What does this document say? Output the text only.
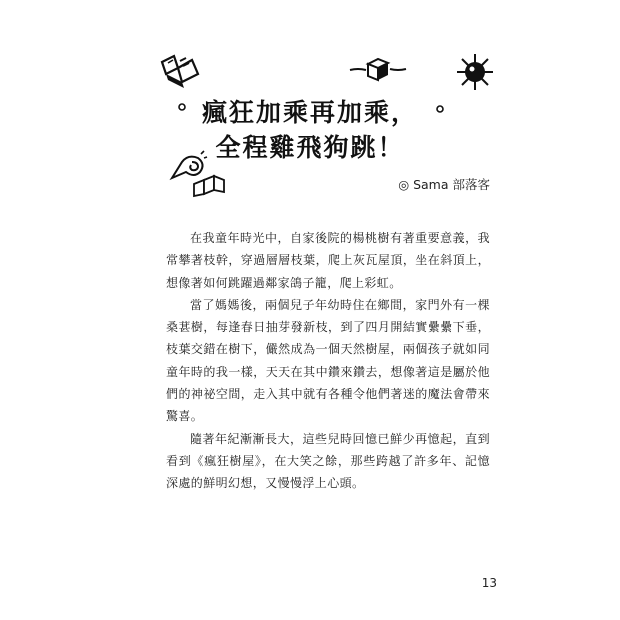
瘋狂加乘再加乘，
全程雞飛狗跳！
◎ Sama 部落客

在我童年時光中，自家後院的楊桃樹有著重要意義，我常攀著枝幹，穿過層層枝葉，爬上灰瓦屋頂，坐在斜頂上，想像著如何跳躍過鄰家鴿子籠，爬上彩虹。

當了媽媽後，兩個兒子年幼時住在鄉間，家門外有一棵桑葚樹，每逢春日抽芽發新枝，到了四月開結實纍纍下垂，枝葉交錯在樹下，儼然成為一個天然樹屋，兩個孩子就如同童年時的我一樣，天天在其中鑽來鑽去，想像著這是屬於他們的神祕空間，走入其中就有各種令他們著迷的魔法會帶來驚喜。

隨著年紀漸漸長大，這些兒時回憶已鮮少再憶起，直到看到《瘋狂樹屋》，在大笑之餘，那些跨越了許多年、記憶深處的鮮明幻想，又慢慢浮上心頭。

13
